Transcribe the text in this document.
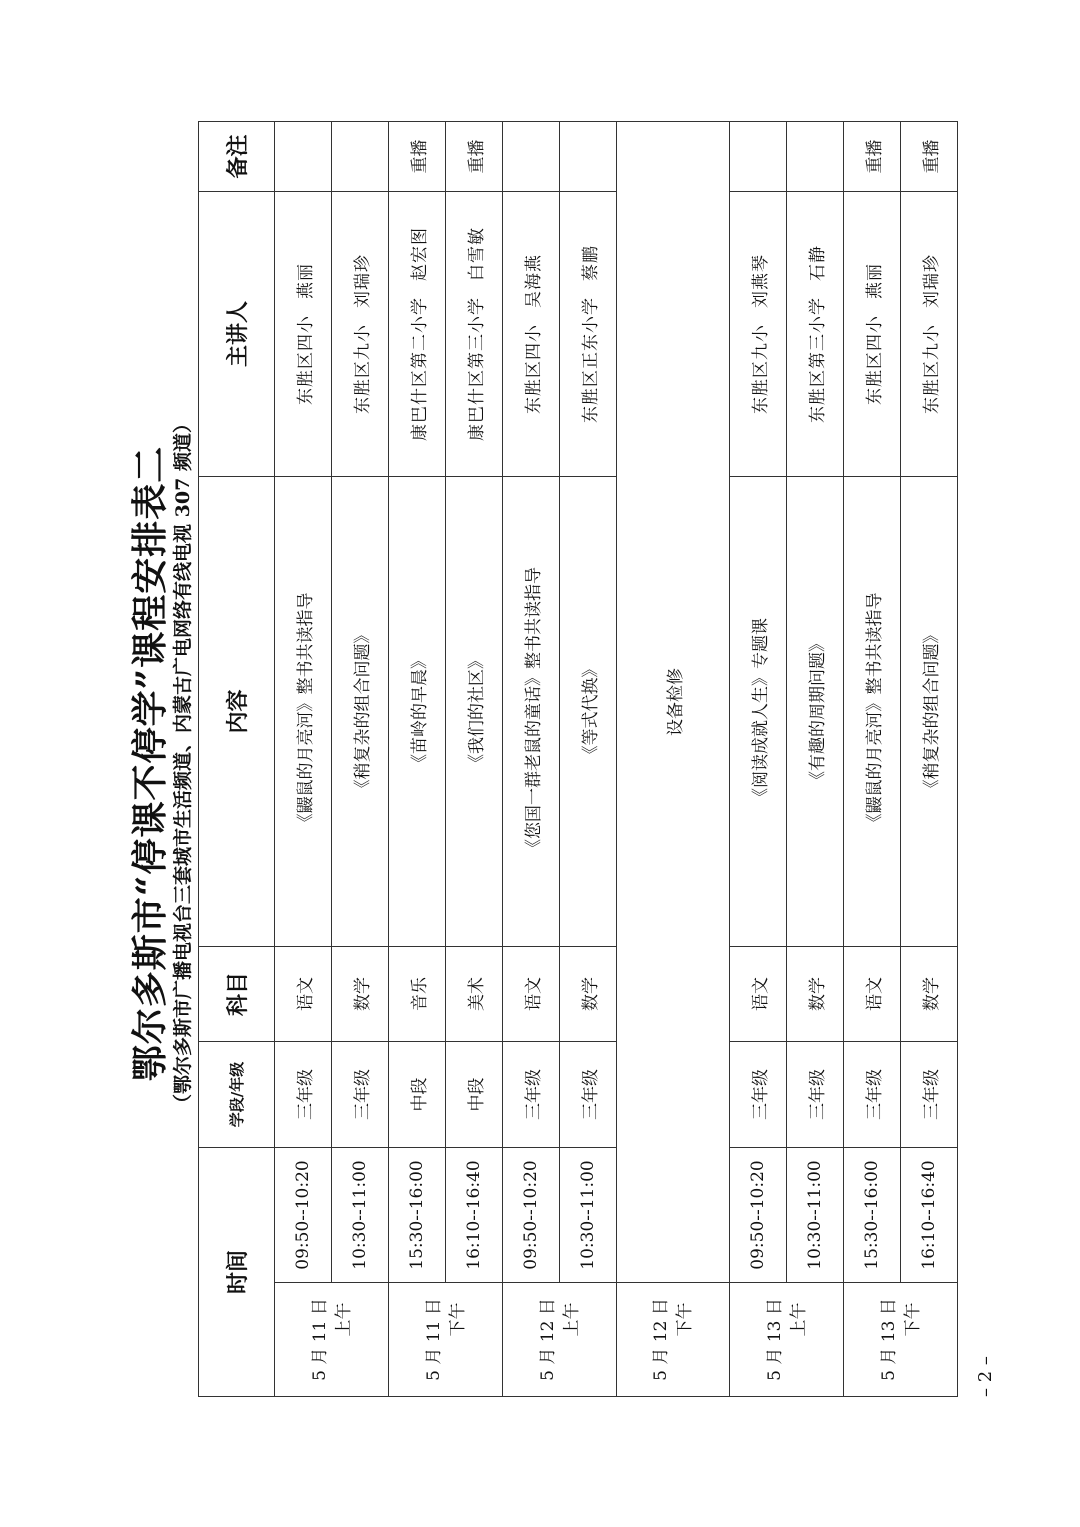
鄂尔多斯市“停课不停学”课程安排表二 （鄂尔多斯市广播电视台三套城市生活频道、内蒙古广电网络有线电视 307 频道）
时间		学段/年级	科目	内容	主讲人	备注

5 月 11 日 上午	09:50--10:20	三年级	语文	《鼹鼠的月亮河》整书共读指导	东胜区四小燕丽	
	10:30--11:00	三年级	数学	《稍复杂的组合问题》	东胜区九小刘瑞珍	

5 月 11 日 下午	15:30--16:00	中段	音乐	《苗岭的早晨》	康巴什区第二小学赵宏图	重播
	16:10--16:40	中段	美术	《我们的社区》	康巴什区第三小学白雪敏	重播

5 月 12 日 上午	09:50--10:20	三年级	语文	《您国一群老鼠的童话》整书共读指导	东胜区四小吴海燕	
	10:30--11:00	三年级	数学	《等式代换》	东胜区正东小学蔡鹏	

5 月 12 日 下午	设备检修					

5 月 13 日 上午	09:50--10:20	三年级	语文	《阅读成就人生》专题课	东胜区九小刘燕琴	
	10:30--11:00	三年级	数学	《有趣的周期问题》	东胜区第三小学石静	

5 月 13 日 下午	15:30--16:00	三年级	语文	《鼹鼠的月亮河》整书共读指导	东胜区四小燕丽	重播
	16:10--16:40	三年级	数学	《稍复杂的组合问题》	东胜区九小刘瑞珍	重播
– 2 –
